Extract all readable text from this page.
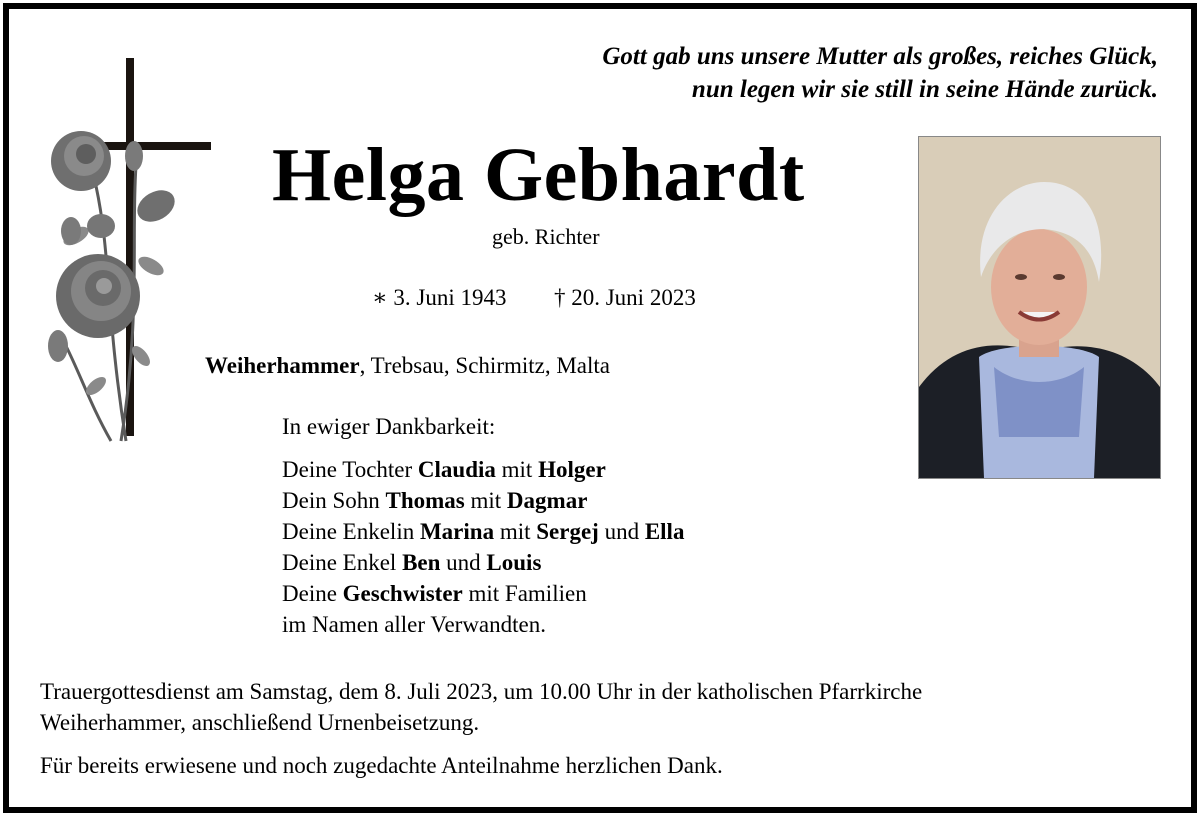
Gott gab uns unsere Mutter als großes, reiches Glück,
nun legen wir sie still in seine Hände zurück.
Helga Gebhardt
geb. Richter
∗ 3. Juni 1943 † 20. Juni 2023
Weiherhammer, Trebsau, Schirmitz, Malta
In ewiger Dankbarkeit:
Deine Tochter Claudia mit Holger
Dein Sohn Thomas mit Dagmar
Deine Enkelin Marina mit Sergej und Ella
Deine Enkel Ben und Louis
Deine Geschwister mit Familien
im Namen aller Verwandten.
Trauergottesdienst am Samstag, dem 8. Juli 2023, um 10.00 Uhr in der katholischen Pfarrkirche
Weiherhammer, anschließend Urnenbeisetzung.
Für bereits erwiesene und noch zugedachte Anteilnahme herzlichen Dank.
